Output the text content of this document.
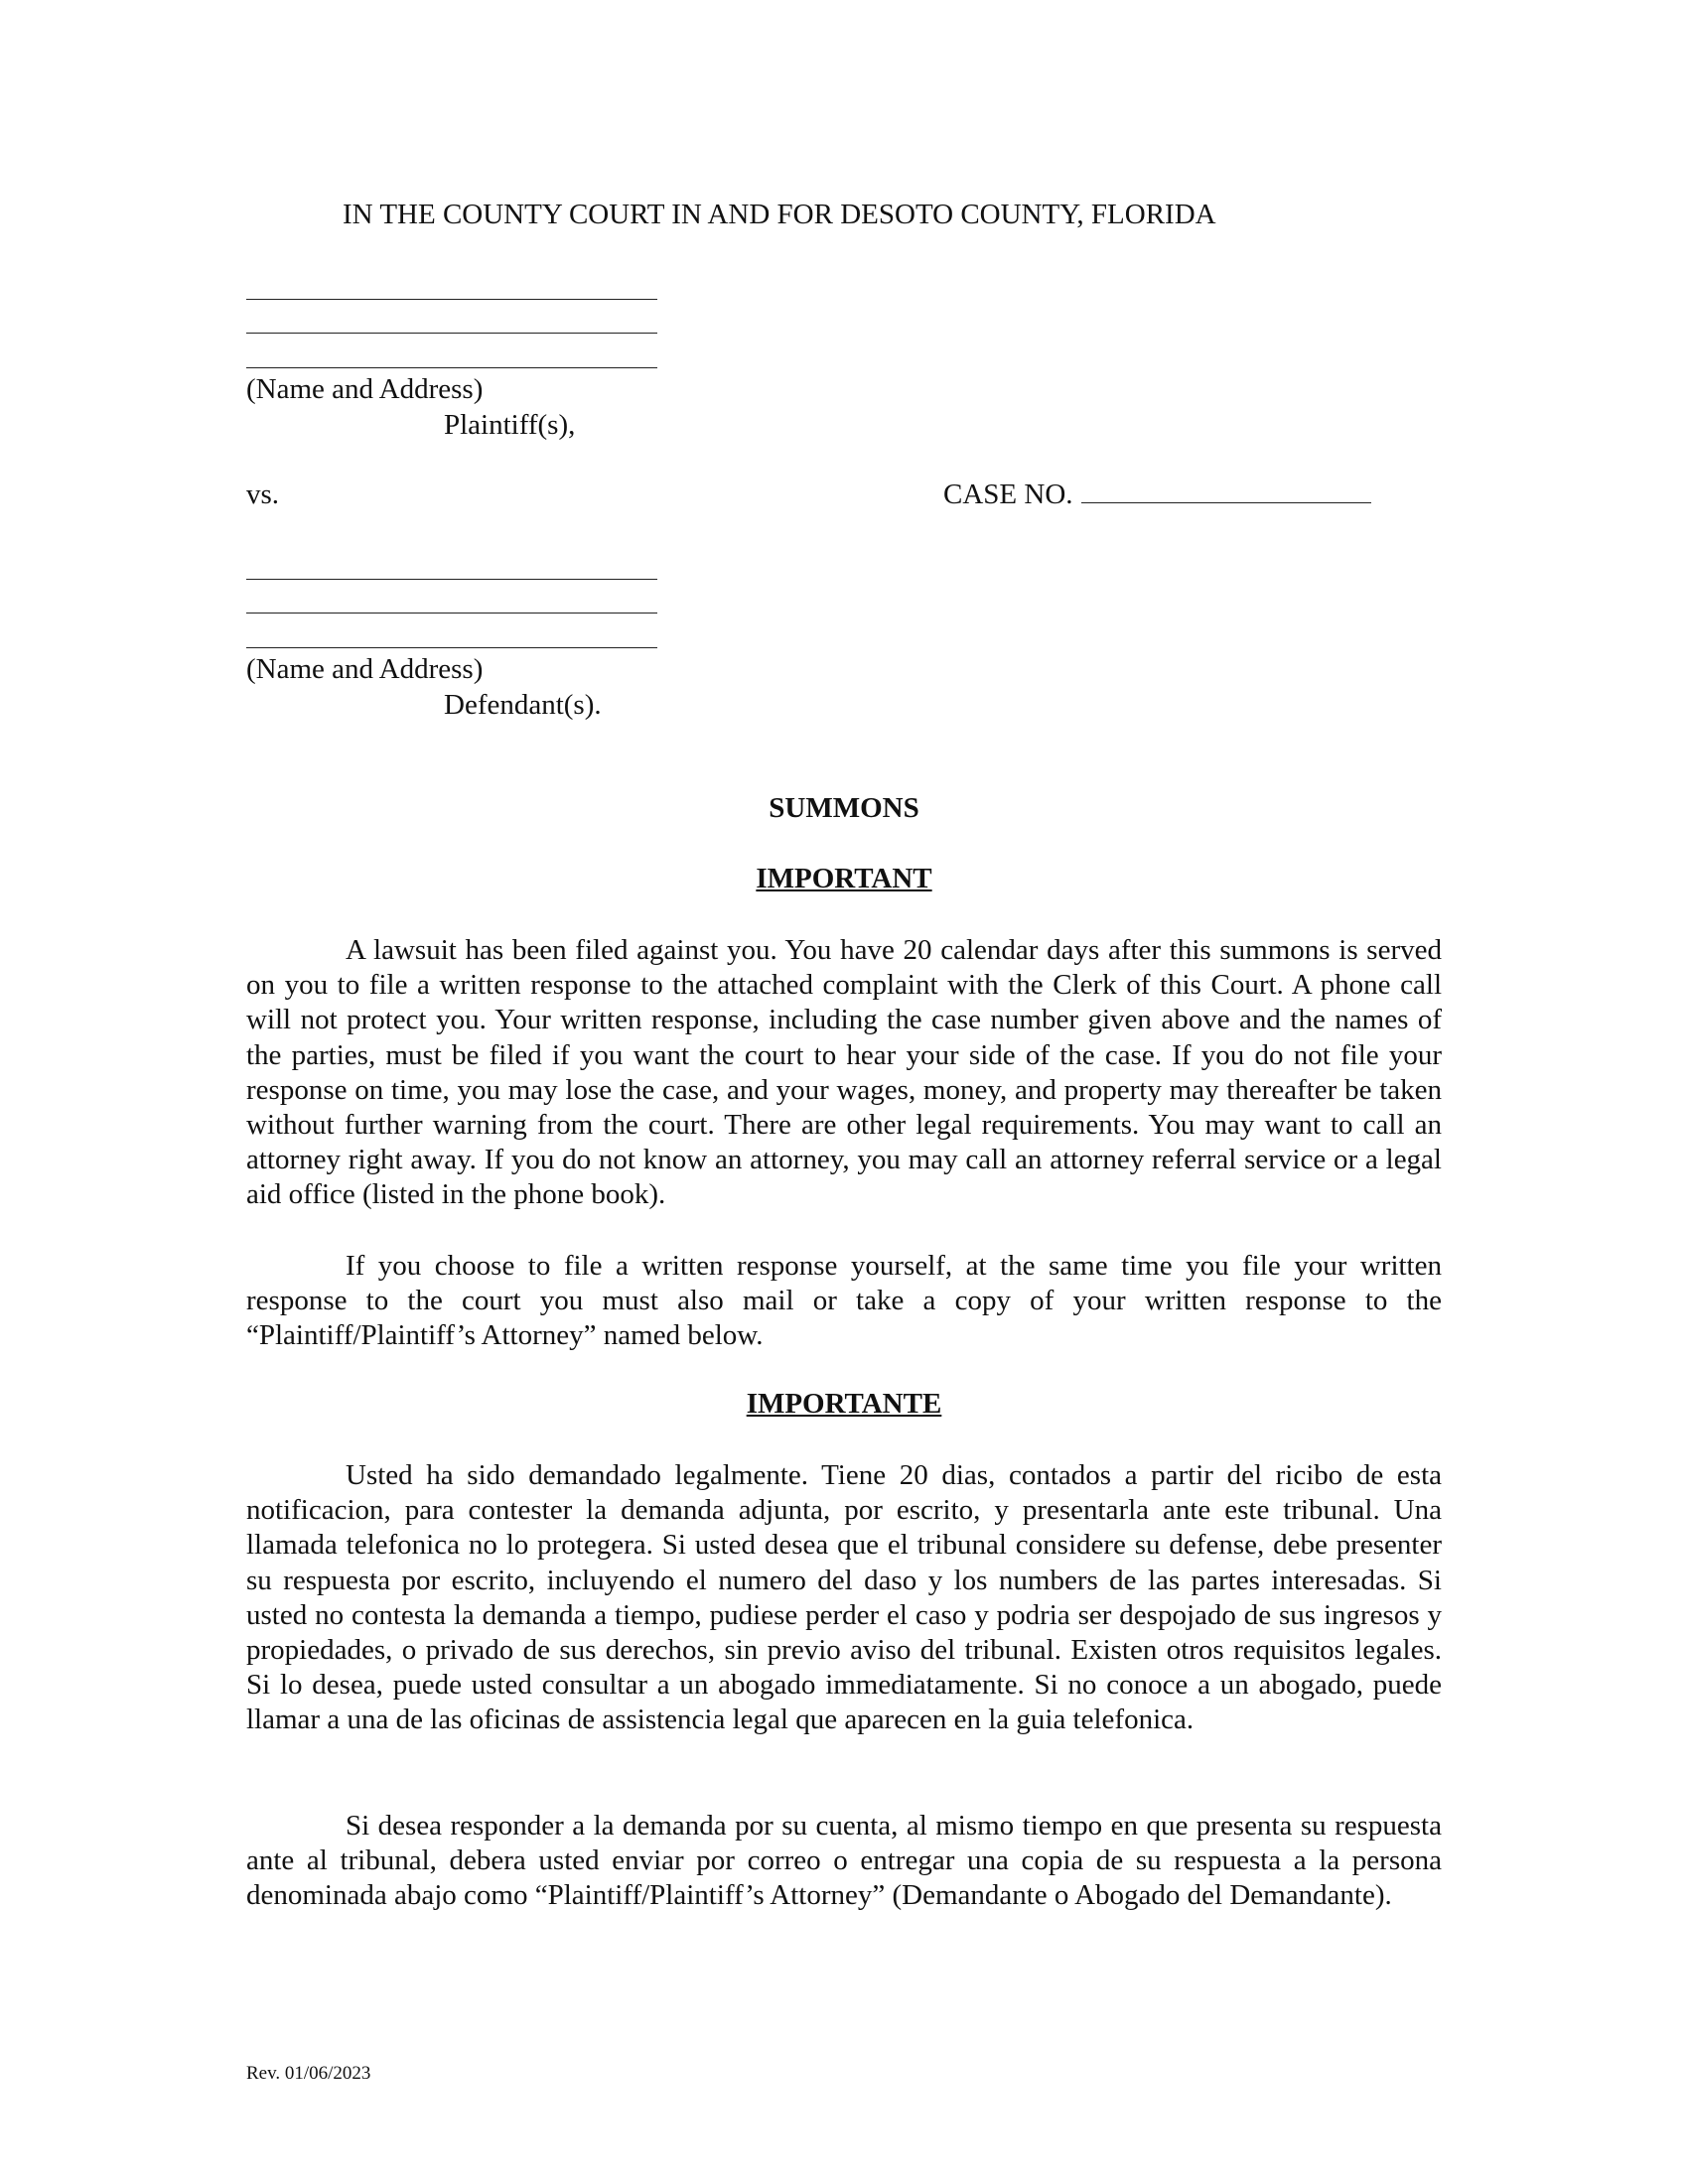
IN THE COUNTY COURT IN AND FOR DESOTO COUNTY, FLORIDA
(Name and Address)
Plaintiff(s),
vs.	CASE NO.
(Name and Address)
Defendant(s).
SUMMONS
IMPORTANT

A lawsuit has been filed against you. You have 20 calendar days after this summons is served on you to file a written response to the attached complaint with the Clerk of this Court. A phone call will not protect you. Your written response, including the case number given above and the names of the parties, must be filed if you want the court to hear your side of the case. If you do not file your response on time, you may lose the case, and your wages, money, and property may thereafter be taken without further warning from the court. There are other legal requirements. You may want to call an attorney right away. If you do not know an attorney, you may call an attorney referral service or a legal aid office (listed in the phone book).

If you choose to file a written response yourself, at the same time you file your written response to the court you must also mail or take a copy of your written response to the “Plaintiff/Plaintiff’s Attorney” named below.

IMPORTANTE

Usted ha sido demandado legalmente. Tiene 20 dias, contados a partir del ricibo de esta notificacion, para contester la demanda adjunta, por escrito, y presentarla ante este tribunal. Una llamada telefonica no lo protegera. Si usted desea que el tribunal considere su defense, debe presenter su respuesta por escrito, incluyendo el numero del daso y los numbers de las partes interesadas. Si usted no contesta la demanda a tiempo, pudiese perder el caso y podria ser despojado de sus ingresos y propiedades, o privado de sus derechos, sin previo aviso del tribunal. Existen otros requisitos legales. Si lo desea, puede usted consultar a un abogado immediatamente. Si no conoce a un abogado, puede llamar a una de las oficinas de assistencia legal que aparecen en la guia telefonica.

Si desea responder a la demanda por su cuenta, al mismo tiempo en que presenta su respuesta ante al tribunal, debera usted enviar por correo o entregar una copia de su respuesta a la persona denominada abajo como “Plaintiff/Plaintiff’s Attorney” (Demandante o Abogado del Demandante).

Rev. 01/06/2023
